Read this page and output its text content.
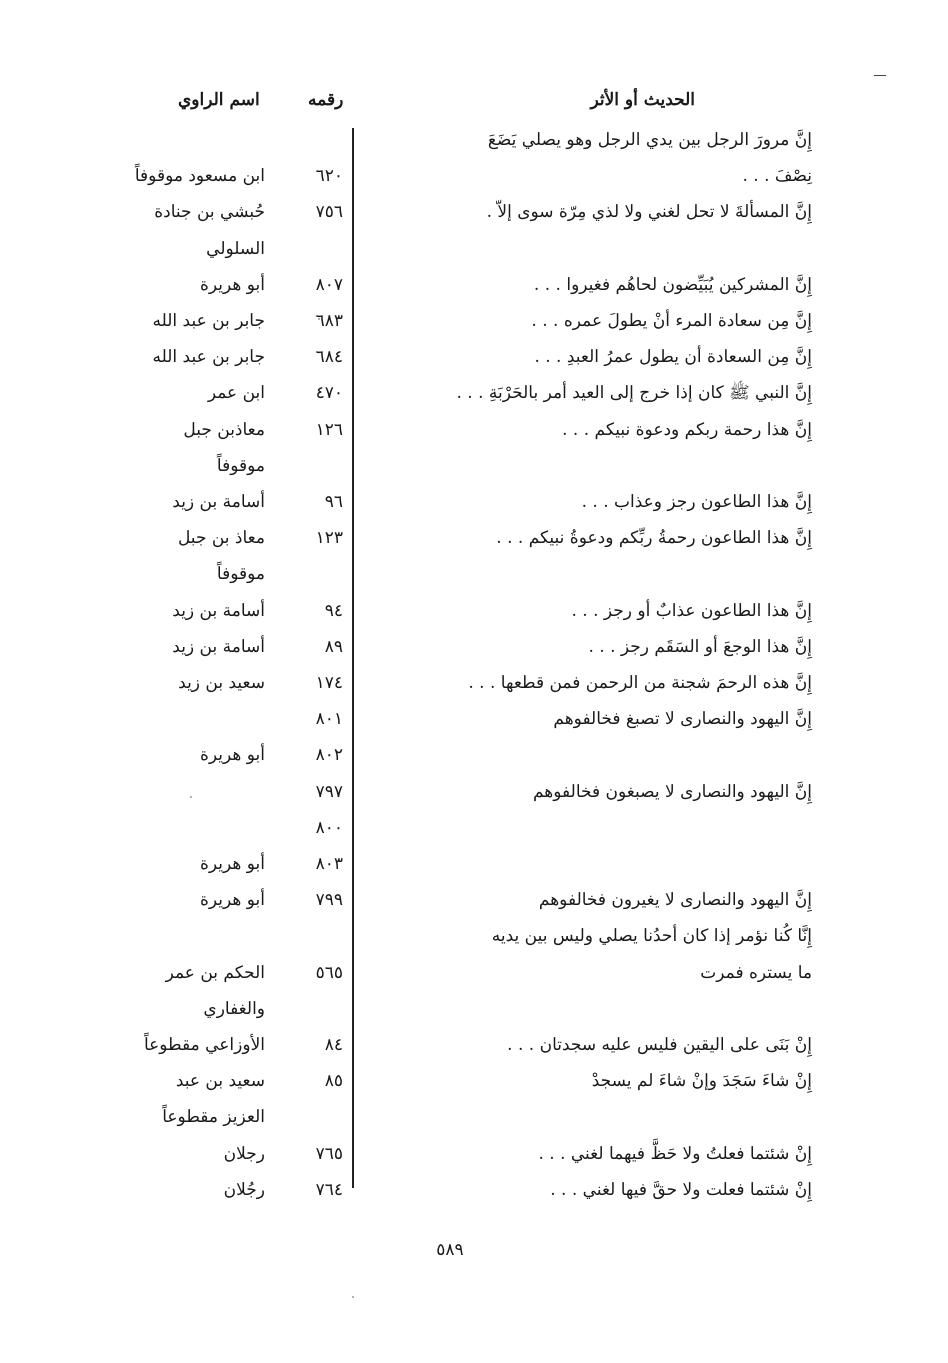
الحديث أو الأثر
رقمه
اسم الراوي
إِنَّ مرورَ الرجل بين يدي الرجل وهو يصلي يَضَعَ
نِصْفَ . . .
٦٢٠
ابن مسعود موقوفاً
إِنَّ المسألةَ لا تحل لغني ولا لذي مِرّة سوى إلاّ .
٧٥٦
حُبشي بن جنادة
السلولي
إِنَّ المشركين يُبَيِّضون لحاهُم فغيروا . . .
٨٠٧
أبو هريرة
إِنَّ مِن سعادة المرء أنْ يطولَ عمره . . .
٦٨٣
جابر بن عبد الله
إِنَّ مِن السعادة أن يطول عمرُ العبدِ . . .
٦٨٤
جابر بن عبد الله
إِنَّ النبي ﷺ كان إذا خرج إلى العيد أمر بالحَرْبَةِ . . .
٤٧٠
ابن عمر
إِنَّ هذا رحمة ربكم ودعوة نبيكم . . .
١٢٦
معاذبن جبل
موقوفاً
إِنَّ هذا الطاعون رجز وعذاب . . .
٩٦
أسامة بن زيد
إِنَّ هذا الطاعون رحمةُ ربِّكم ودعوةُ نبيكم . . .
١٢٣
معاذ بن جبل
موقوفاً
إِنَّ هذا الطاعون عذابٌ أو رجز . . .
٩٤
أسامة بن زيد
إِنَّ هذا الوجعَ أو السَقَم رجز . . .
٨٩
أسامة بن زيد
إِنَّ هذه الرحمَ شجنة من الرحمن فمن قطعها . . .
١٧٤
سعيد بن زيد
إِنَّ اليهود والنصارى لا تصبغ فخالفوهم
٨٠١
٨٠٢
أبو هريرة
إِنَّ اليهود والنصارى لا يصبغون فخالفوهم
٧٩٧
٨٠٠
٨٠٣
أبو هريرة
إِنَّ اليهود والنصارى لا يغيرون فخالفوهم
٧٩٩
أبو هريرة
إِنَّا كُنا نؤمر إذا كان أحدُنا يصلي وليس بين يديه
ما يستره فمرت
٥٦٥
الحكم بن عمر
والغفاري
إِنْ بَنَى على اليقين فليس عليه سجدتان . . .
٨٤
الأوزاعي مقطوعاً
إِنْ شاءَ سَجَدَ وإنْ شاءَ لم يسجدْ
٨٥
سعيد بن عبد
العزيز مقطوعاً
إِنْ شئتما فعلتُ ولا حَظَّ فيهما لغني . . .
٧٦٥
رجلان
إِنْ شئتما فعلت ولا حقَّ فيها لغني . . .
٧٦٤
رجُلان
٥٨٩
